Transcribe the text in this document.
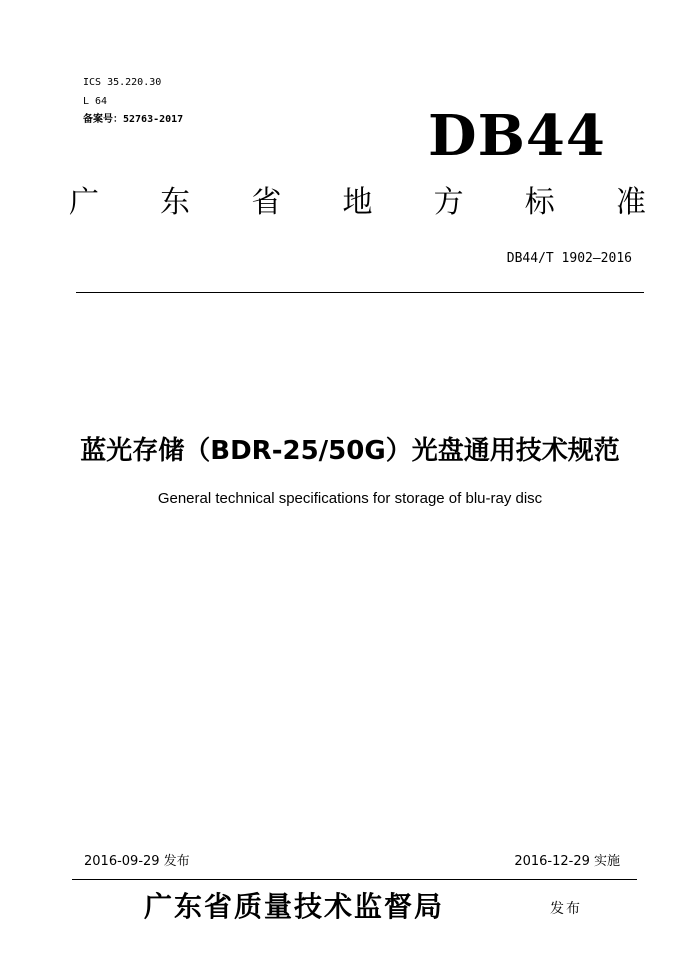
ICS 35.220.30
L 64
备案号：52763-2017	DB44
广 东 省 地 方 标 准
DB44/T 1902—2016
蓝光存储（BDR-25/50G）光盘通用技术规范
General technical specifications for storage of blu-ray disc
2016-09-29 发布	2016-12-29 实施
广东省质量技术监督局	发布
